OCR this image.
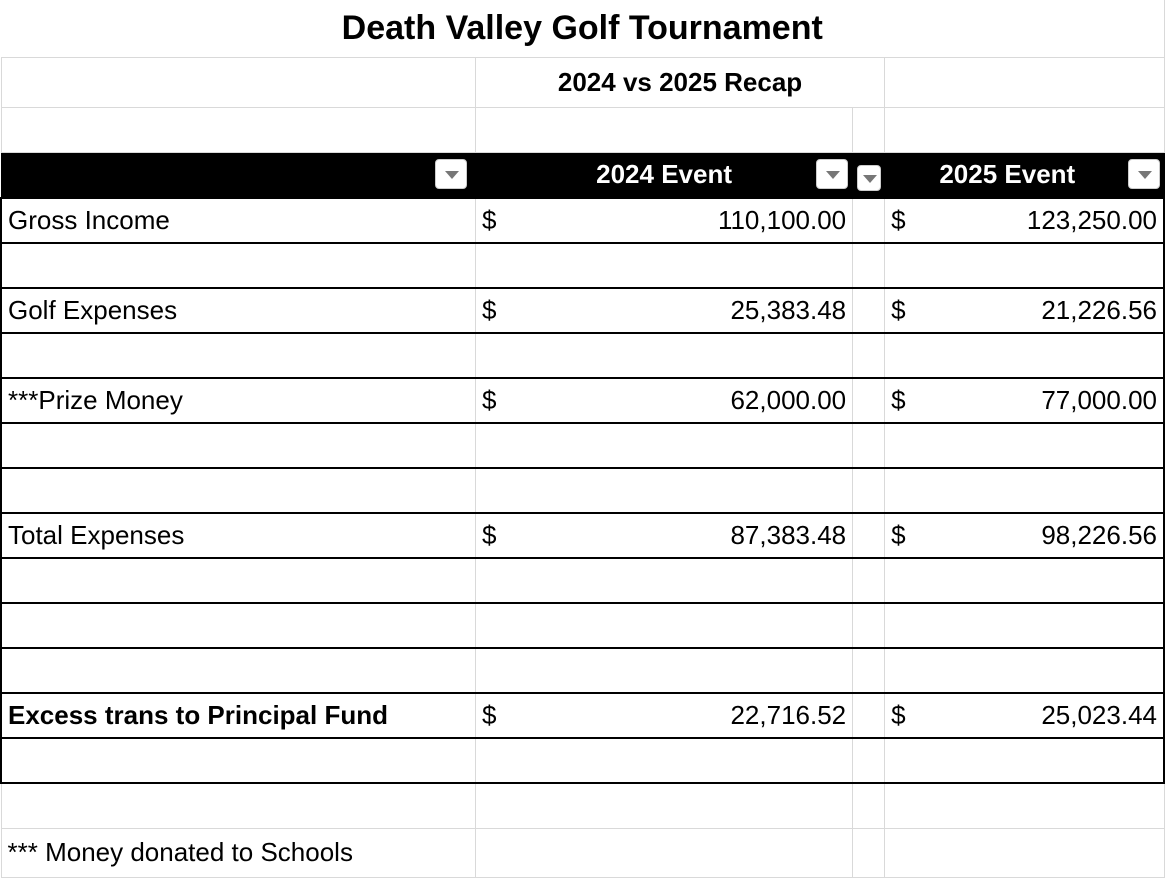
Death Valley Golf Tournament			
	2024 vs 2025 Recap		

	2024 Event		2025 Event

Gross Income	$ 110,100.00		$ 123,250.00

Golf Expenses	$ 25,383.48		$ 21,226.56

***Prize Money	$ 62,000.00		$ 77,000.00

Total Expenses	$ 87,383.48		$ 98,226.56

Excess trans to Principal Fund	$ 22,716.52		$ 25,023.44

*** Money donated to Schools			
